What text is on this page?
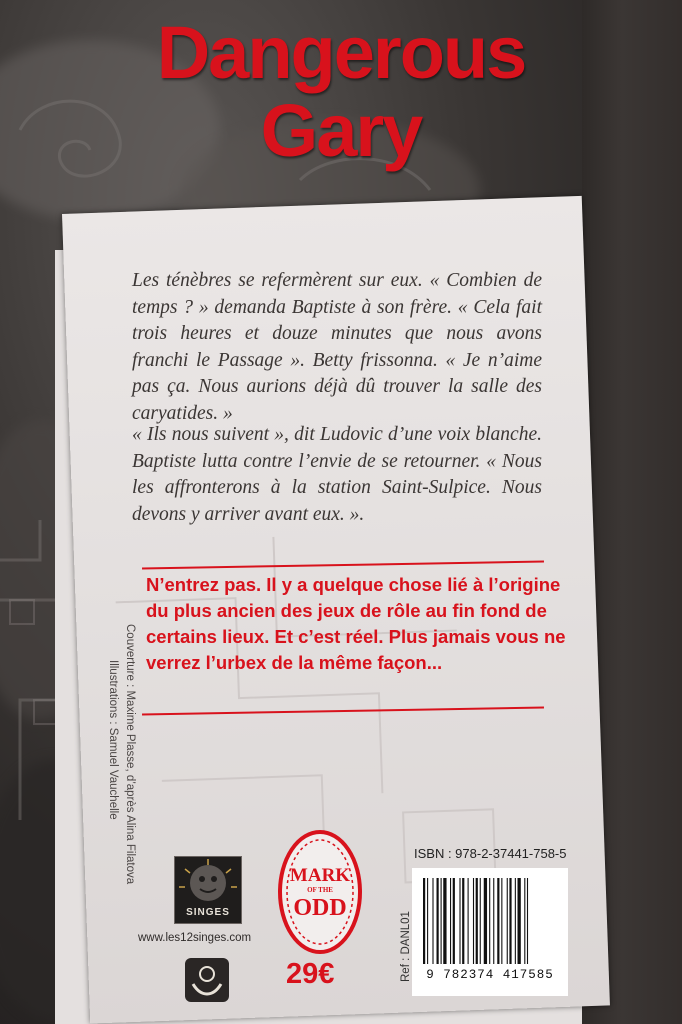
Dangerous
Gary

Les ténèbres se refermèrent sur eux. « Combien de temps ? » demanda Baptiste à son frère. « Cela fait trois heures et douze minutes que nous avons franchi le Passage ». Betty frissonna. « Je n’aime pas ça. Nous aurions déjà dû trouver la salle des caryatides. »

« Ils nous suivent », dit Ludovic d’une voix blanche. Baptiste lutta contre l’envie de se retourner. « Nous les affronterons à la station Saint-Sulpice. Nous devons y arriver avant eux. ».

N’entrez pas. Il y a quelque chose lié à l’origine du plus ancien des jeux de rôle au fin fond de certains lieux. Et c’est réel. Plus jamais vous ne verrez l’urbex de la même façon...

Couverture : Maxime Plasse, d’après Alina Filatova
Illustrations : Samuel Vauchelle
SINGES
www.les12singes.com
MARK
OF THE
ODD
29€
ISBN : 978-2-37441-758-5
Ref : DANL01	9 782374 417585
